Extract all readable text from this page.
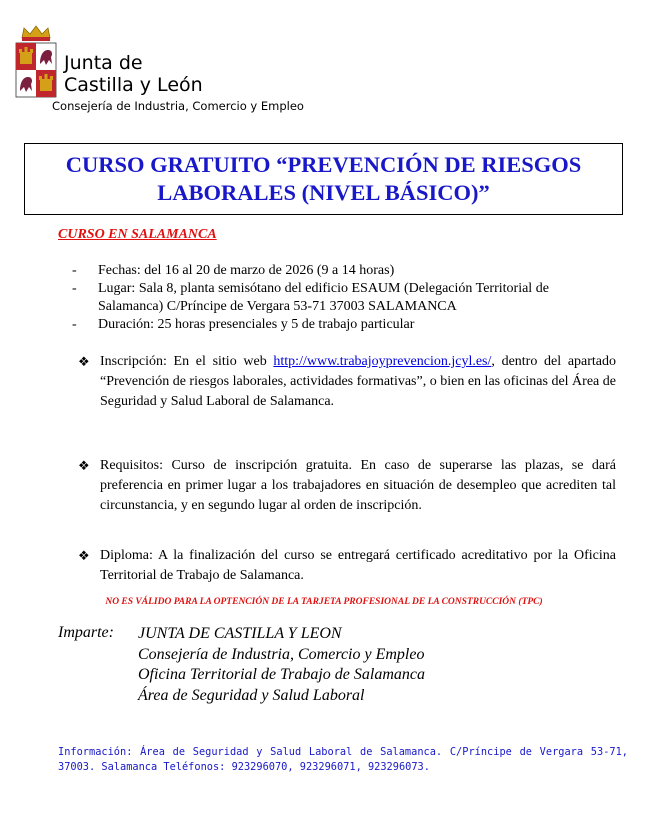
Junta de
Castilla y León
Consejería de Industria, Comercio y Empleo
CURSO GRATUITO “PREVENCIÓN DE RIESGOS
LABORALES (NIVEL BÁSICO)”
CURSO EN SALAMANCA
- Fechas: del 16 al 20 de marzo de 2026 (9 a 14 horas)
- Lugar: Sala 8, planta semisótano del edificio ESAUM (Delegación Territorial de Salamanca) C/Príncipe de Vergara 53-71 37003 SALAMANCA
- Duración: 25 horas presenciales y 5 de trabajo particular
❖ Inscripción: En el sitio web http://www.trabajoyprevencion.jcyl.es/, dentro del apartado “Prevención de riesgos laborales, actividades formativas”, o bien en las oficinas del Área de Seguridad y Salud Laboral de Salamanca.
❖ Requisitos: Curso de inscripción gratuita. En caso de superarse las plazas, se dará preferencia en primer lugar a los trabajadores en situación de desempleo que acrediten tal circunstancia, y en segundo lugar al orden de inscripción.
❖ Diploma: A la finalización del curso se entregará certificado acreditativo por la Oficina Territorial de Trabajo de Salamanca.
NO ES VÁLIDO PARA LA OPTENCIÓN DE LA TARJETA PROFESIONAL DE LA CONSTRUCCIÓN (TPC)
Imparte: JUNTA DE CASTILLA Y LEON
Consejería de Industria, Comercio y Empleo
Oficina Territorial de Trabajo de Salamanca
Área de Seguridad y Salud Laboral
Información: Área de Seguridad y Salud Laboral de Salamanca. C/Príncipe de Vergara 53-71, 37003. Salamanca Teléfonos: 923296070, 923296071, 923296073.
